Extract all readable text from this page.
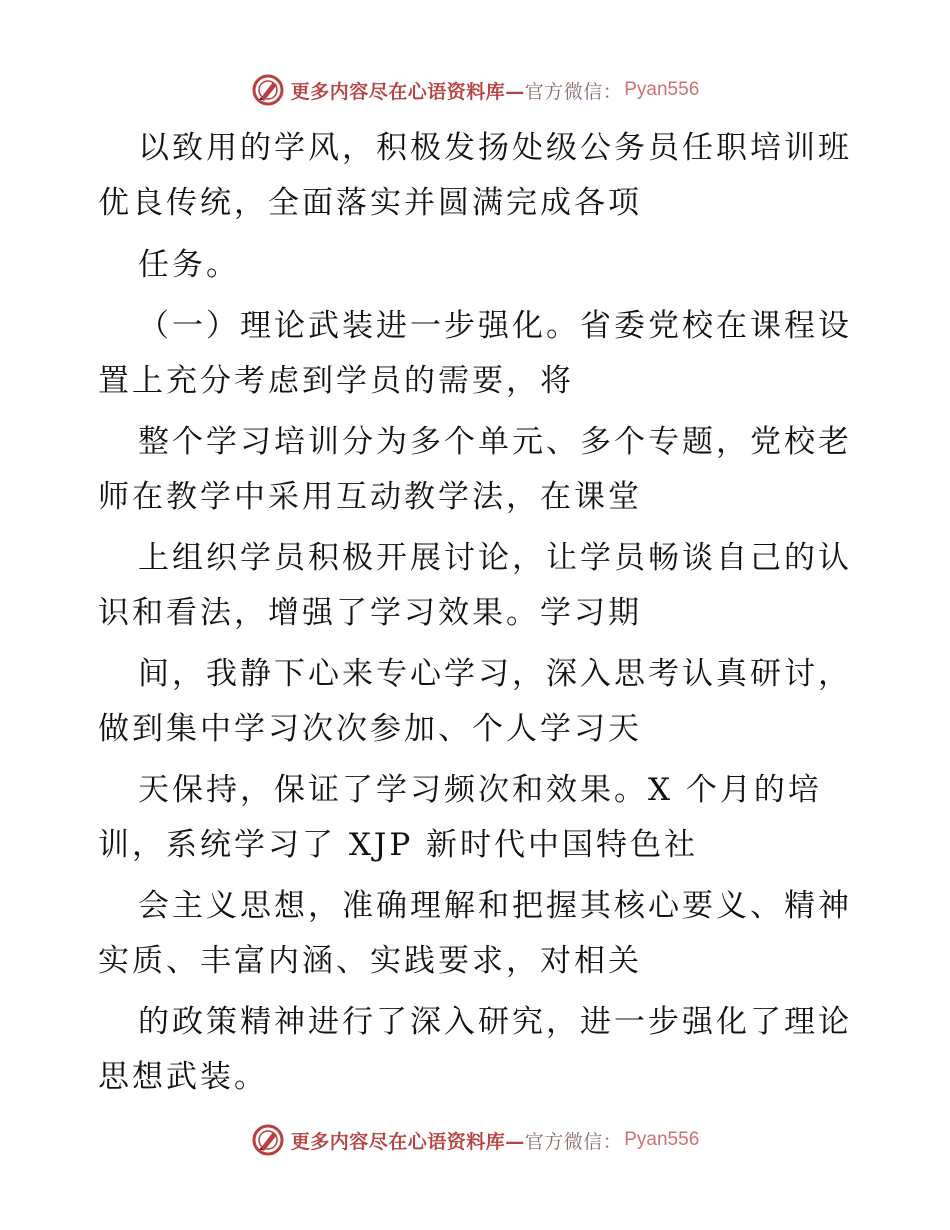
更多内容尽在心语资料库— 官方微信： Pyan556
以致用的学风，积极发扬处级公务员任职培训班
优良传统，全面落实并圆满完成各项
任务。
（一）理论武装进一步强化。省委党校在课程设
置上充分考虑到学员的需要，将
整个学习培训分为多个单元、多个专题，党校老
师在教学中采用互动教学法，在课堂
上组织学员积极开展讨论，让学员畅谈自己的认
识和看法，增强了学习效果。学习期
间，我静下心来专心学习，深入思考认真研讨，
做到集中学习次次参加、个人学习天
天保持，保证了学习频次和效果。X 个月的培
训，系统学习了 XJP 新时代中国特色社
会主义思想，准确理解和把握其核心要义、精神
实质、丰富内涵、实践要求，对相关
的政策精神进行了深入研究，进一步强化了理论
思想武装。
更多内容尽在心语资料库— 官方微信： Pyan556
